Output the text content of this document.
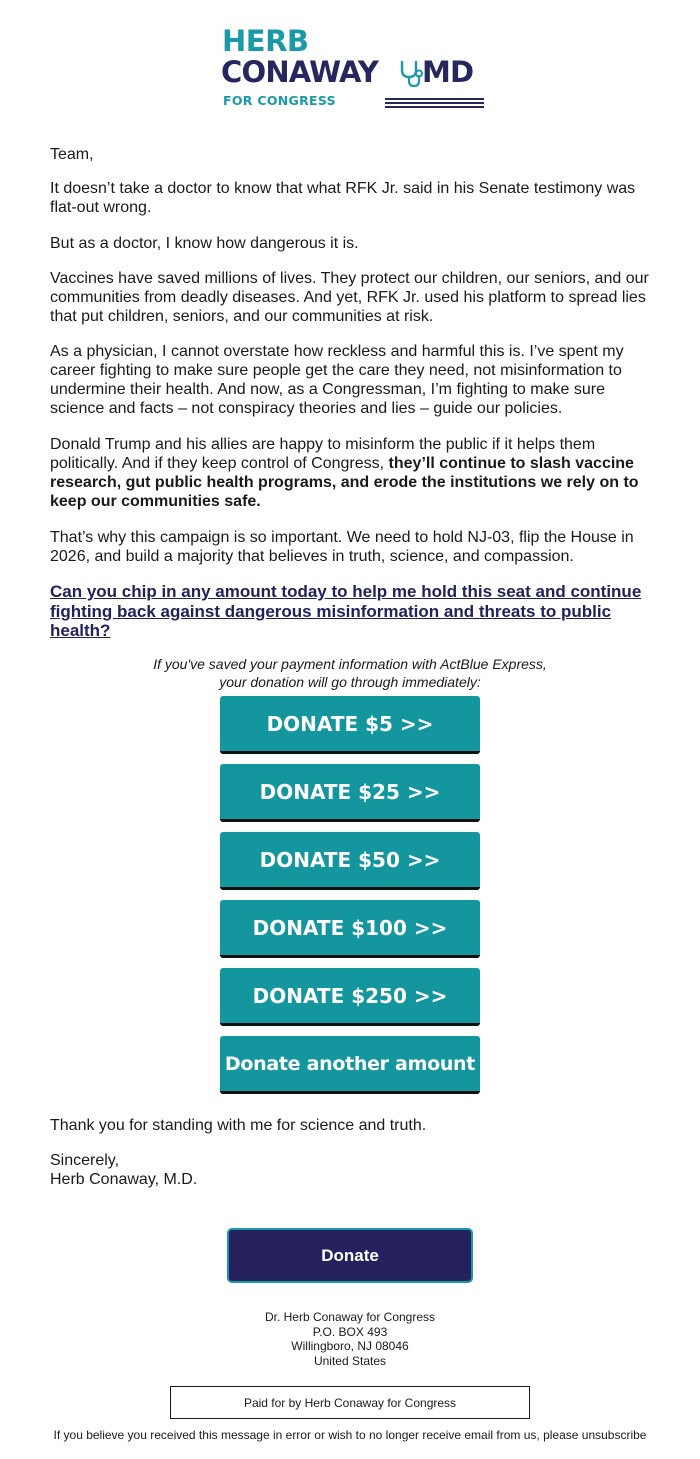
HERB
CONAWAY MD
FOR CONGRESS
Team,
It doesn’t take a doctor to know that what RFK Jr. said in his Senate testimony was flat-out wrong.
But as a doctor, I know how dangerous it is.
Vaccines have saved millions of lives. They protect our children, our seniors, and our communities from deadly diseases. And yet, RFK Jr. used his platform to spread lies that put children, seniors, and our communities at risk.
As a physician, I cannot overstate how reckless and harmful this is. I’ve spent my career fighting to make sure people get the care they need, not misinformation to undermine their health. And now, as a Congressman, I’m fighting to make sure science and facts – not conspiracy theories and lies – guide our policies.
Donald Trump and his allies are happy to misinform the public if it helps them politically. And if they keep control of Congress, they’ll continue to slash vaccine research, gut public health programs, and erode the institutions we rely on to keep our communities safe.
That’s why this campaign is so important. We need to hold NJ-03, flip the House in 2026, and build a majority that believes in truth, science, and compassion.
Can you chip in any amount today to help me hold this seat and continue fighting back against dangerous misinformation and threats to public health?
If you've saved your payment information with ActBlue Express,
your donation will go through immediately:
DONATE $5 >>
DONATE $25 >>
DONATE $50 >>
DONATE $100 >>
DONATE $250 >>
Donate another amount
Thank you for standing with me for science and truth.
Sincerely,
Herb Conaway, M.D.
Donate
Dr. Herb Conaway for Congress
P.O. BOX 493
Willingboro, NJ 08046
United States
Paid for by Herb Conaway for Congress
If you believe you received this message in error or wish to no longer receive email from us, please unsubscribe
